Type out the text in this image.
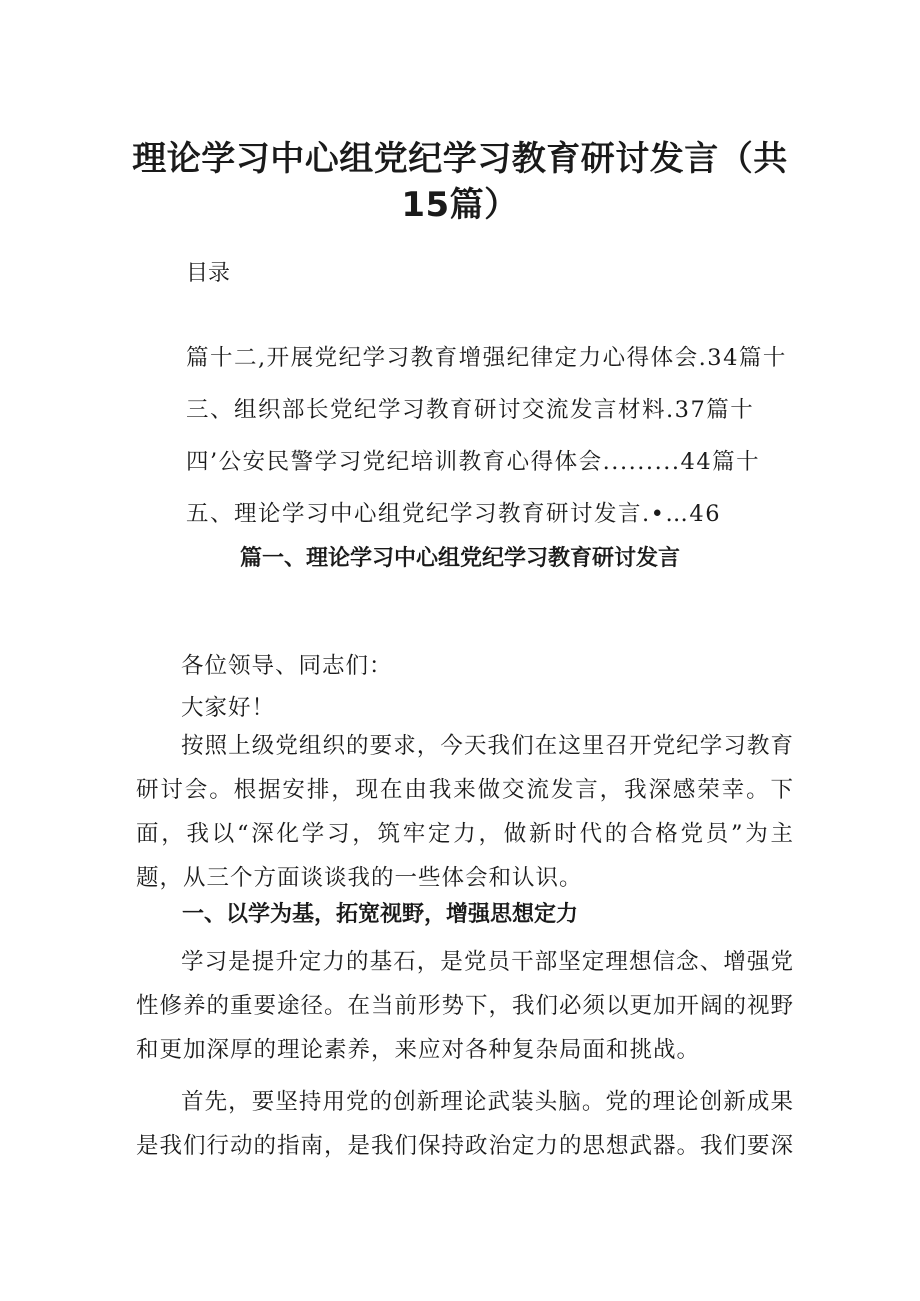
理论学习中心组党纪学习教育研讨发言（共15篇）

目录

篇十二,开展党纪学习教育增强纪律定力心得体会.34篇十三、组织部长党纪学习教育研讨交流发言材料.37篇十四’公安民警学习党纪培训教育心得体会.........44篇十五、理论学习中心组党纪学习教育研讨发言.•…46

篇一、理论学习中心组党纪学习教育研讨发言

各位领导、同志们：

大家好！

按照上级党组织的要求，今天我们在这里召开党纪学习教育研讨会。根据安排，现在由我来做交流发言，我深感荣幸。下面，我以“深化学习，筑牢定力，做新时代的合格党员”为主题，从三个方面谈谈我的一些体会和认识。

一、以学为基，拓宽视野，增强思想定力

学习是提升定力的基石，是党员干部坚定理想信念、增强党性修养的重要途径。在当前形势下，我们必须以更加开阔的视野和更加深厚的理论素养，来应对各种复杂局面和挑战。

首先，要坚持用党的创新理论武装头脑。党的理论创新成果是我们行动的指南，是我们保持政治定力的思想武器。我们要深
